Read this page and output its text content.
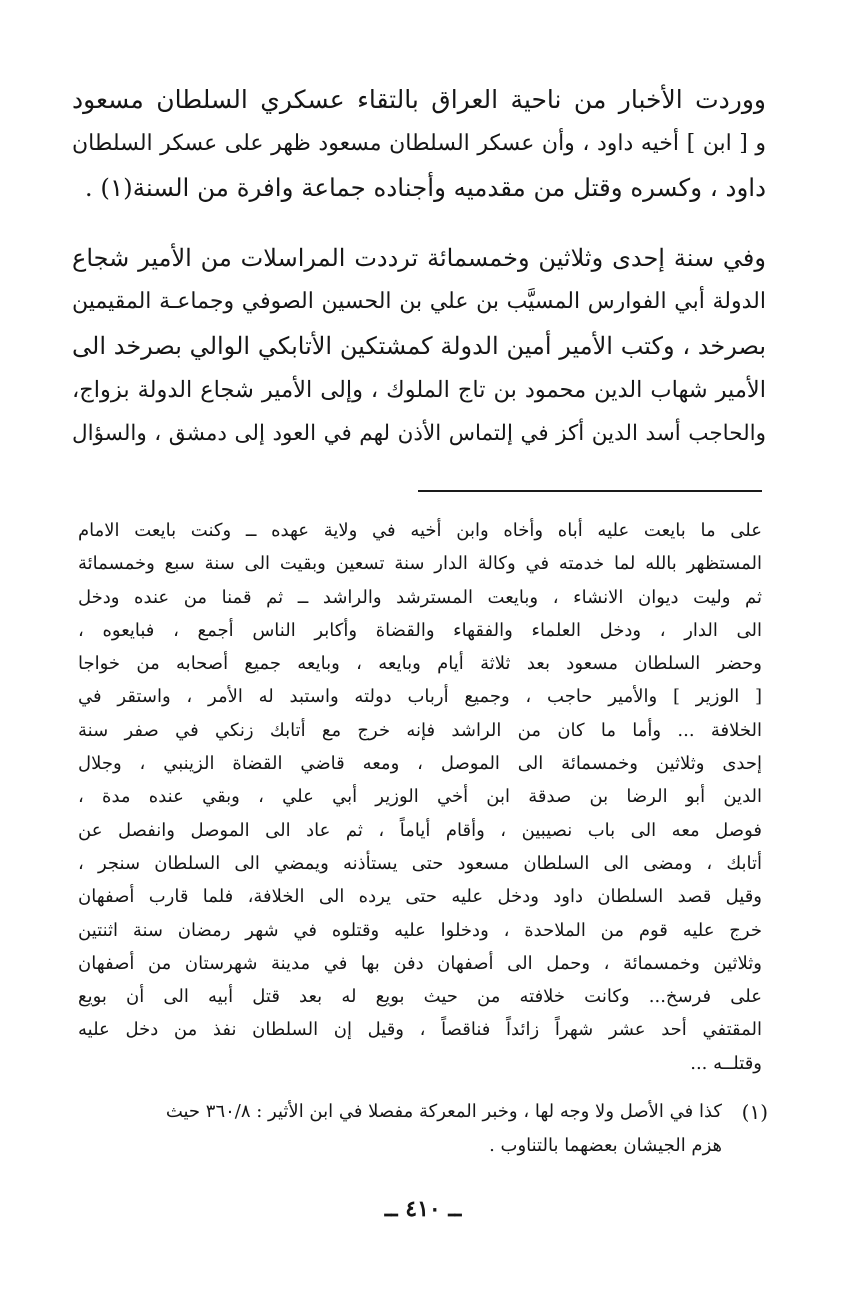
ووردت الأخبار من ناحية العراق بالتقاء عسكري السلطان مسعود
و [ ابن ] أخيه داود ، وأن عسكر السلطان مسعود ظهر على عسكر السلطان
داود ، وكسره وقتل من مقدميه وأجناده جماعة وافرة من السنة(١) .

وفي سنة إحدى وثلاثين وخمسمائة ترددت المراسلات من الأمير شجاع
الدولة أبي الفوارس المسيَّب بن علي بن الحسين الصوفي وجماعـة المقيمين
بصرخد ، وكتب الأمير أمين الدولة كمشتكين الأتابكي الوالي بصرخد الى
الأمير شهاب الدين محمود بن تاج الملوك ، وإلى الأمير شجاع الدولة بزواج،
والحاجب أسد الدين أكز في إلتماس الأذن لهم في العود إلى دمشق ، والسؤال

على ما بايعت عليه أباه وأخاه وابن أخيه في ولاية عهده ــ وكنت بايعت الامام
المستظهر بالله لما خدمته في وكالة الدار سنة تسعين وبقيت الى سنة سبع وخمسمائة
ثم وليت ديوان الانشاء ، وبايعت المسترشد والراشد ــ ثم قمنا من عنده ودخل
الى الدار ، ودخل العلماء والفقهاء والقضاة وأكابر الناس أجمع ، فبايعوه ،
وحضر السلطان مسعود بعد ثلاثة أيام وبايعه ، وبايعه جميع أصحابه من خواجا
[ الوزير ] والأمير حاجب ، وجميع أرباب دولته واستبد له الأمر ، واستقر في
الخلافة ... وأما ما كان من الراشد فإنه خرج مع أتابك زنكي في صفر سنة
إحدى وثلاثين وخمسمائة الى الموصل ، ومعه قاضي القضاة الزينبي ، وجلال
الدين أبو الرضا بن صدقة ابن أخي الوزير أبي علي ، وبقي عنده مدة ،
فوصل معه الى باب نصيبين ، وأقام أياماً ، ثم عاد الى الموصل وانفصل عن
أتابك ، ومضى الى السلطان مسعود حتى يستأذنه ويمضي الى السلطان سنجر ،
وقيل قصد السلطان داود ودخل عليه حتى يرده الى الخلافة، فلما قارب أصفهان
خرج عليه قوم من الملاحدة ، ودخلوا عليه وقتلوه في شهر رمضان سنة اثنتين
وثلاثين وخمسمائة ، وحمل الى أصفهان دفن بها في مدينة شهرستان من أصفهان
على فرسخ... وكانت خلافته من حيث بويع له بعد قتل أبيه الى أن بويع
المقتفي أحد عشر شهراً زائداً فناقصاً ، وقيل إن السلطان نفذ من دخل عليه
وقتلــه ...
(١)
كذا في الأصل ولا وجه لها ، وخبر المعركة مفصلا في ابن الأثير : ٣٦٠/٨ حيث
هزم الجيشان بعضهما بالتناوب .
ــ ٤١٠ ــ
